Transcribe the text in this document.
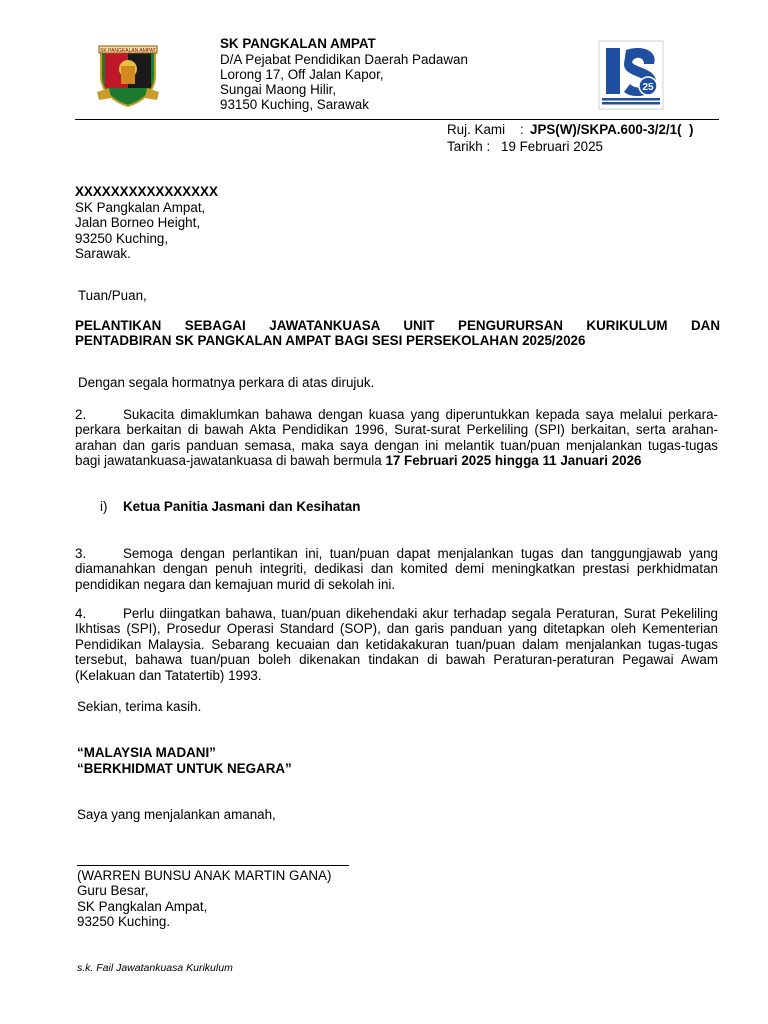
SK PANGKALAN AMPAT	SK PANGKALAN AMPAT
D/A Pejabat Pendidikan Daerah Padawan
Lorong 17, Off Jalan Kapor,
Sungai Maong Hilir,
93150 Kuching, Sarawak
25
Ruj. Kami : JPS(W)/SKPA.600-3/2/1(  )
Tarikh : 19 Februari 2025
XXXXXXXXXXXXXXXX
SK Pangkalan Ampat,
Jalan Borneo Height,
93250 Kuching,
Sarawak.
Tuan/Puan,
PELANTIKAN SEBAGAI JAWATANKUASA UNIT PENGURURSAN KURIKULUM DAN
PENTADBIRAN SK PANGKALAN AMPAT BAGI SESI PERSEKOLAHAN 2025/2026
Dengan segala hormatnya perkara di atas dirujuk.
2.	Sukacita dimaklumkan bahawa dengan kuasa yang diperuntukkan kepada saya melalui perkara-perkara berkaitan di bawah Akta Pendidikan 1996, Surat-surat Perkeliling (SPI) berkaitan, serta arahan-arahan dan garis panduan semasa, maka saya dengan ini melantik tuan/puan menjalankan tugas-tugas bagi jawatankuasa-jawatankuasa di bawah bermula 17 Februari 2025 hingga 11 Januari 2026
i) Ketua Panitia Jasmani dan Kesihatan
3.	Semoga dengan perlantikan ini, tuan/puan dapat menjalankan tugas dan tanggungjawab yang diamanahkan dengan penuh integriti, dedikasi dan komited demi meningkatkan prestasi perkhidmatan pendidikan negara dan kemajuan murid di sekolah ini.
4.	Perlu diingatkan bahawa, tuan/puan dikehendaki akur terhadap segala Peraturan, Surat Pekeliling Ikhtisas (SPI), Prosedur Operasi Standard (SOP), dan garis panduan yang ditetapkan oleh Kementerian Pendidikan Malaysia. Sebarang kecuaian dan ketidakakuran tuan/puan dalam menjalankan tugas-tugas tersebut, bahawa tuan/puan boleh dikenakan tindakan di bawah Peraturan-peraturan Pegawai Awam (Kelakuan dan Tatatertib) 1993.
Sekian, terima kasih.
“MALAYSIA MADANI”
“BERKHIDMAT UNTUK NEGARA”
Saya yang menjalankan amanah,
(WARREN BUNSU ANAK MARTIN GANA)
Guru Besar,
SK Pangkalan Ampat,
93250 Kuching.
s.k. Fail Jawatankuasa Kurikulum
